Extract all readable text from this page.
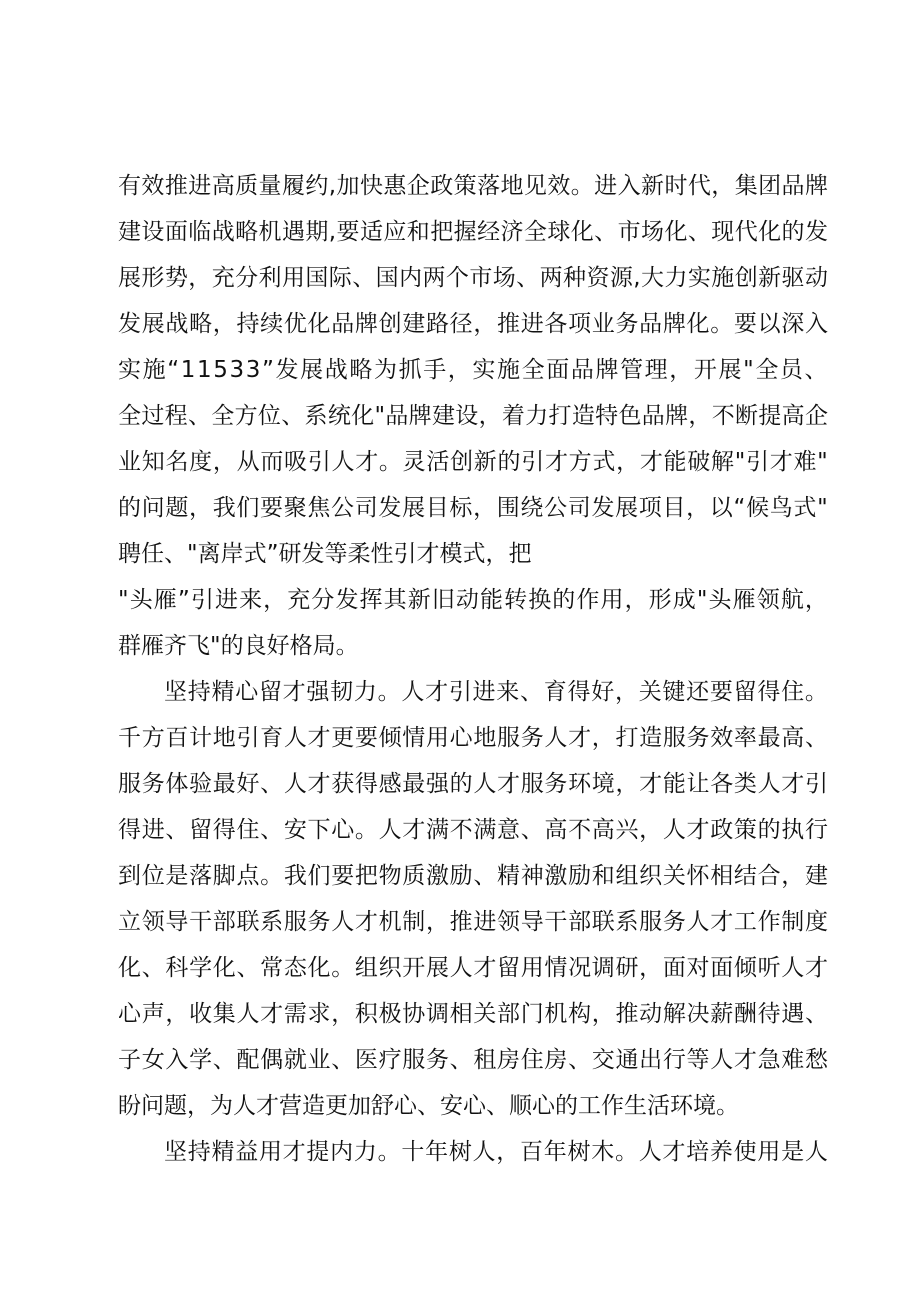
有 效 推 进 高 质 量 履 约 , 加 快 惠 企 政 策 落 地 见 效 。 进 入 新 时 代 ， 集 团 品 牌
建 设 面 临 战 略 机 遇 期 , 要 适 应 和 把 握 经 济 全 球 化 、 市 场 化 、 现 代 化 的 发
展 形 势 ， 充 分 利 用 国 际 、 国 内 两 个 市 场 、 两 种 资 源 , 大 力 实 施 创 新 驱 动
发 展 战 略 ， 持 续 优 化 品 牌 创 建 路 径 ， 推 进 各 项 业 务 品 牌 化 。 要 以 深 入
实 施 “ 1 1 5 3 3 ” 发 展 战 略 为 抓 手 ， 实 施 全 面 品 牌 管 理 ， 开 展 " 全 员 、
全 过 程 、 全 方 位 、 系 统 化 " 品 牌 建 设 ， 着 力 打 造 特 色 品 牌 ， 不 断 提 高 企
业 知 名 度 ， 从 而 吸 引 人 才 。 灵 活 创 新 的 引 才 方 式 ， 才 能 破 解 " 引 才 难 "
的 问 题 ， 我 们 要 聚 焦 公 司 发 展 目 标 ， 围 绕 公 司 发 展 项 目 ， 以 “ 候 鸟 式 "
聘任、"离岸式”研发等柔性引才模式，把
" 头 雁 ” 引 进 来 ， 充 分 发 挥 其 新 旧 动 能 转 换 的 作 用 ， 形 成 " 头 雁 领 航 ，
群雁齐飞"的良好格局。
坚 持 精 心 留 才 强 韧 力 。 人 才 引 进 来 、 育 得 好 ， 关 键 还 要 留 得 住 。
千 方 百 计 地 引 育 人 才 更 要 倾 情 用 心 地 服 务 人 才 ， 打 造 服 务 效 率 最 高 、
服 务 体 验 最 好 、 人 才 获 得 感 最 强 的 人 才 服 务 环 境 ， 才 能 让 各 类 人 才 引
得 进 、 留 得 住 、 安 下 心 。 人 才 满 不 满 意 、 高 不 高 兴 ， 人 才 政 策 的 执 行
到 位 是 落 脚 点 。 我 们 要 把 物 质 激 励 、 精 神 激 励 和 组 织 关 怀 相 结 合 ， 建
立 领 导 干 部 联 系 服 务 人 才 机 制 ， 推 进 领 导 干 部 联 系 服 务 人 才 工 作 制 度
化 、 科 学 化 、 常 态 化 。 组 织 开 展 人 才 留 用 情 况 调 研 ， 面 对 面 倾 听 人 才
心 声 ， 收 集 人 才 需 求 ， 积 极 协 调 相 关 部 门 机 构 ， 推 动 解 决 薪 酬 待 遇 、
子 女 入 学 、 配 偶 就 业 、 医 疗 服 务 、 租 房 住 房 、 交 通 出 行 等 人 才 急 难 愁
盼问题，为人才营造更加舒心、安心、顺心的工作生活环境。
坚 持 精 益 用 才 提 内 力 。 十 年 树 人 ， 百 年 树 木 。 人 才 培 养 使 用 是 人
